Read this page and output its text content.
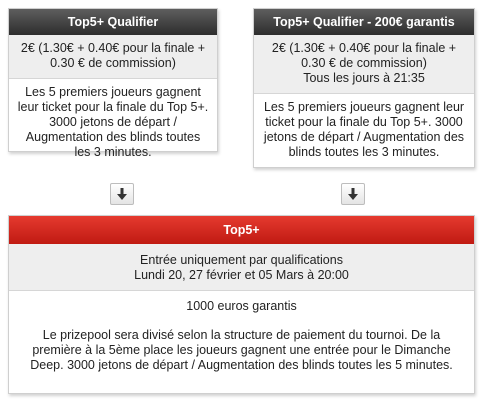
Top5+ Qualifier
2€ (1.30€ + 0.40€ pour la finale + 0.30 € de commission)
Les 5 premiers joueurs gagnent leur ticket pour la finale du Top 5+. 3000 jetons de départ / Augmentation des blinds toutes les 3 minutes.
Top5+ Qualifier - 200€ garantis
2€ (1.30€ + 0.40€ pour la finale + 0.30 € de commission)
Tous les jours à 21:35
Les 5 premiers joueurs gagnent leur ticket pour la finale du Top 5+. 3000 jetons de départ / Augmentation des blinds toutes les 3 minutes.
Top5+
Entrée uniquement par qualifications
Lundi 20, 27 février et 05 Mars à 20:00
1000 euros garantis
Le prizepool sera divisé selon la structure de paiement du tournoi. De la première à la 5ème place les joueurs gagnent une entrée pour le Dimanche Deep. 3000 jetons de départ / Augmentation des blinds toutes les 5 minutes.
